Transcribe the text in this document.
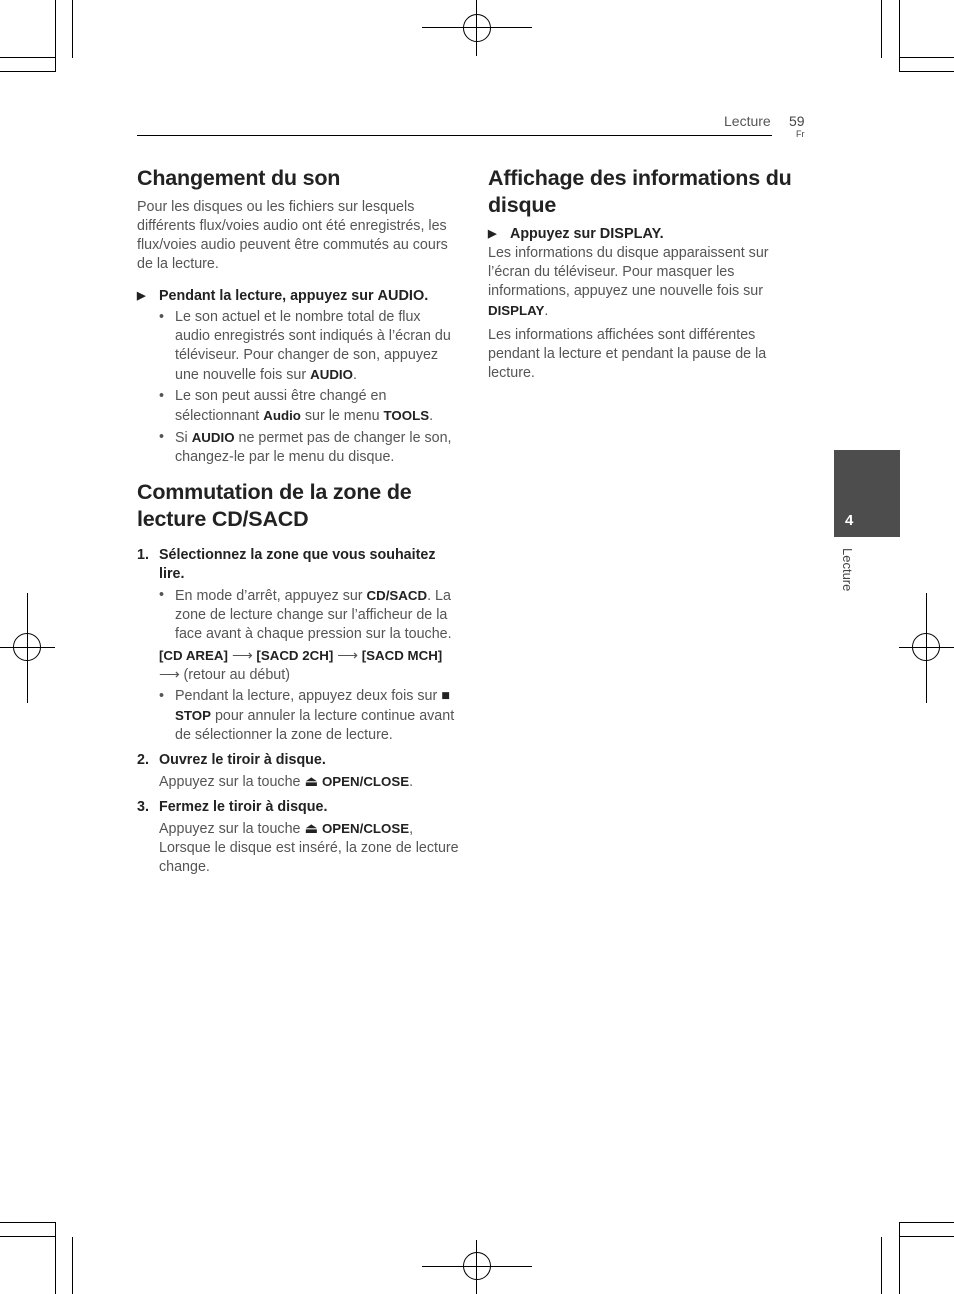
Lecture 59
Fr
4
Lecture
Changement du son

Pour les disques ou les fichiers sur lesquels différents flux/voies audio ont été enregistrés, les flux/voies audio peuvent être commutés au cours de la lecture.

▶ Pendant la lecture, appuyez sur AUDIO.
• Le son actuel et le nombre total de flux audio enregistrés sont indiqués à l’écran du téléviseur. Pour changer de son, appuyez une nouvelle fois sur AUDIO.
• Le son peut aussi être changé en sélectionnant Audio sur le menu TOOLS.
• Si AUDIO ne permet pas de changer le son, changez-le par le menu du disque.
Commutation de la zone de lecture CD/SACD
1. Sélectionnez la zone que vous souhaitez lire.
• En mode d’arrêt, appuyez sur CD/SACD. La zone de lecture change sur l’afficheur de la face avant à chaque pression sur la touche.

[CD AREA] ⟶ [SACD 2CH] ⟶ [SACD MCH] ⟶ (retour au début)

• Pendant la lecture, appuyez deux fois sur ■ STOP pour annuler la lecture continue avant de sélectionner la zone de lecture.
2. Ouvrez le tiroir à disque.

Appuyez sur la touche ⏏ OPEN/CLOSE.

3. Fermez le tiroir à disque.

Appuyez sur la touche ⏏ OPEN/CLOSE, Lorsque le disque est inséré, la zone de lecture change.

Affichage des informations du disque
▶ Appuyez sur DISPLAY.

Les informations du disque apparaissent sur l’écran du téléviseur. Pour masquer les informations, appuyez une nouvelle fois sur DISPLAY.

Les informations affichées sont différentes pendant la lecture et pendant la pause de la lecture.
